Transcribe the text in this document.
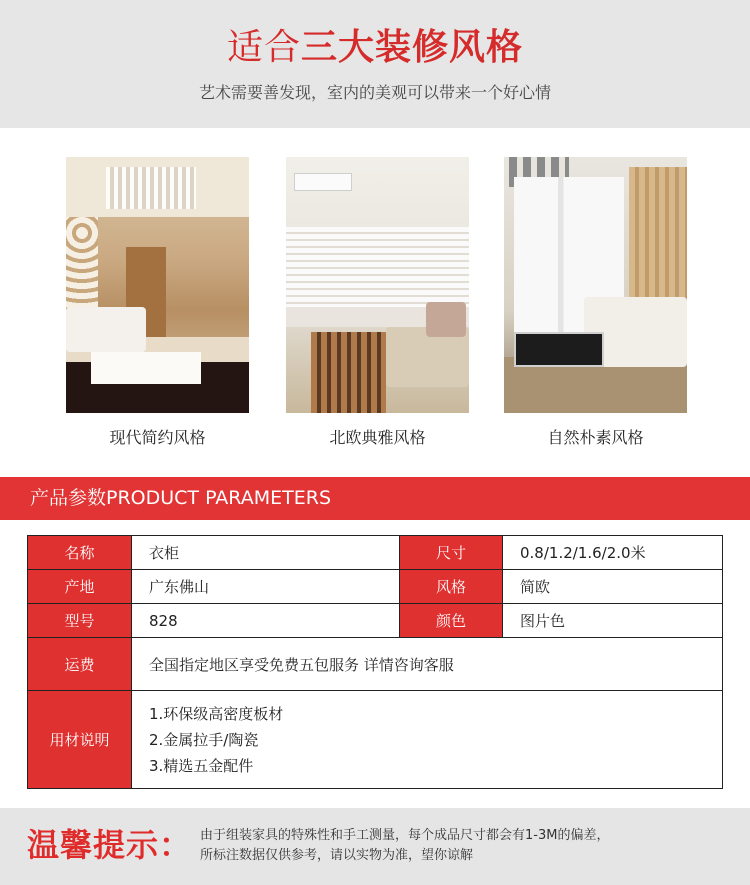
适合三大装修风格
艺术需要善发现，室内的美观可以带来一个好心情
现代简约风格	北欧典雅风格	自然朴素风格
产品参数PRODUCT PARAMETERS
名称	衣柜	尺寸	0.8/1.2/1.6/2.0米
产地	广东佛山	风格	简欧
型号	828	颜色	图片色
运费	全国指定地区享受免费五包服务 详情咨询客服		
用材说明	1.环保级高密度板材
2.金属拉手/陶瓷
3.精选五金配件		
温馨提示： 由于组装家具的特殊性和手工测量，每个成品尺寸都会有1-3M的偏差，
所标注数据仅供参考，请以实物为准，望你谅解
